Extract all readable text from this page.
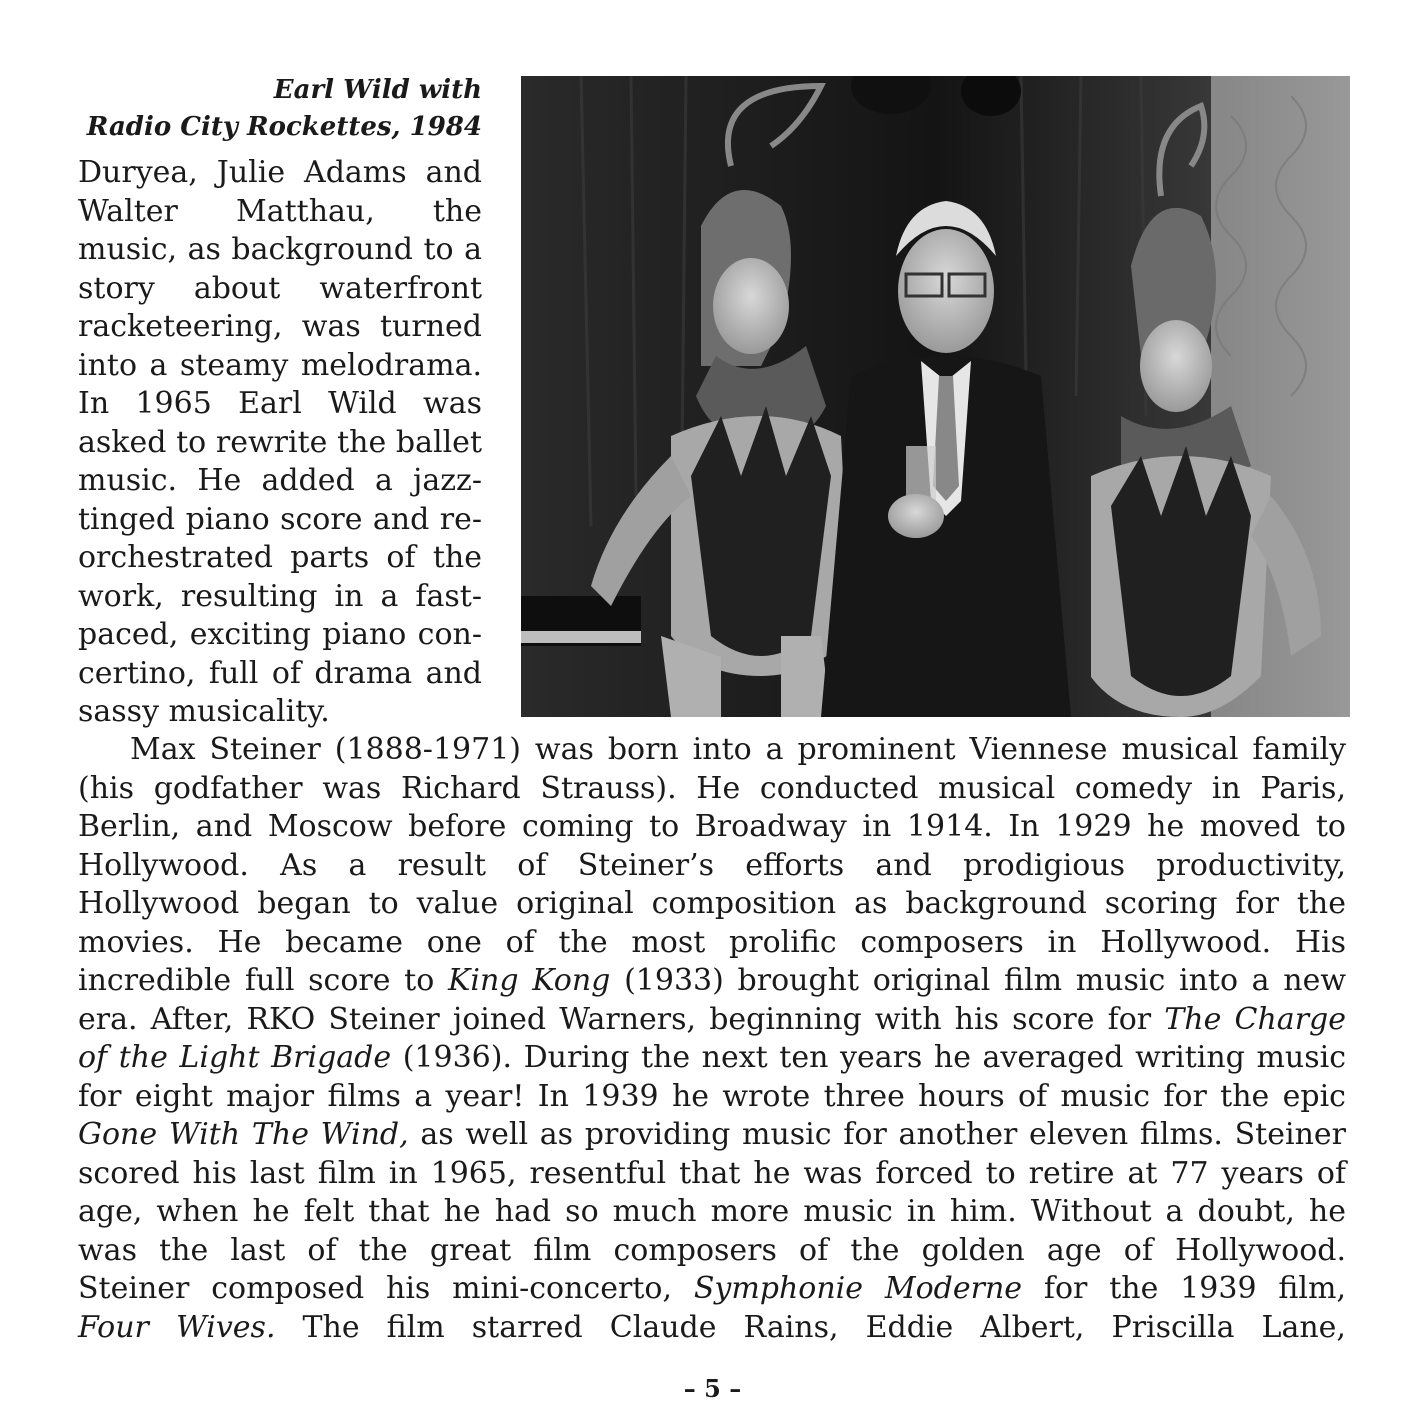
Earl Wild with
Radio City Rockettes, 1984
Duryea, Julie Adams and
Walter Matthau, the
music, as background to a
story about waterfront
racketeering, was turned
into a steamy melodrama.
In 1965 Earl Wild was
asked to rewrite the ballet
music. He added a jazz-
tinged piano score and re-
orchestrated parts of the
work, resulting in a fast-
paced, exciting piano con-
certino, full of drama and
sassy musicality.
Max Steiner (1888-1971) was born into a prominent Viennese musical family
(his godfather was Richard Strauss). He conducted musical comedy in Paris,
Berlin, and Moscow before coming to Broadway in 1914. In 1929 he moved to
Hollywood. As a result of Steiner’s efforts and prodigious productivity,
Hollywood began to value original composition as background scoring for the
movies. He became one of the most prolific composers in Hollywood. His
incredible full score to King Kong (1933) brought original film music into a new
era. After, RKO Steiner joined Warners, beginning with his score for The Charge
of the Light Brigade (1936). During the next ten years he averaged writing music
for eight major films a year! In 1939 he wrote three hours of music for the epic
Gone With The Wind, as well as providing music for another eleven films. Steiner
scored his last film in 1965, resentful that he was forced to retire at 77 years of
age, when he felt that he had so much more music in him. Without a doubt, he
was the last of the great film composers of the golden age of Hollywood.
Steiner composed his mini-concerto, Symphonie Moderne for the 1939 film,
Four Wives. The film starred Claude Rains, Eddie Albert, Priscilla Lane,
– 5 –
